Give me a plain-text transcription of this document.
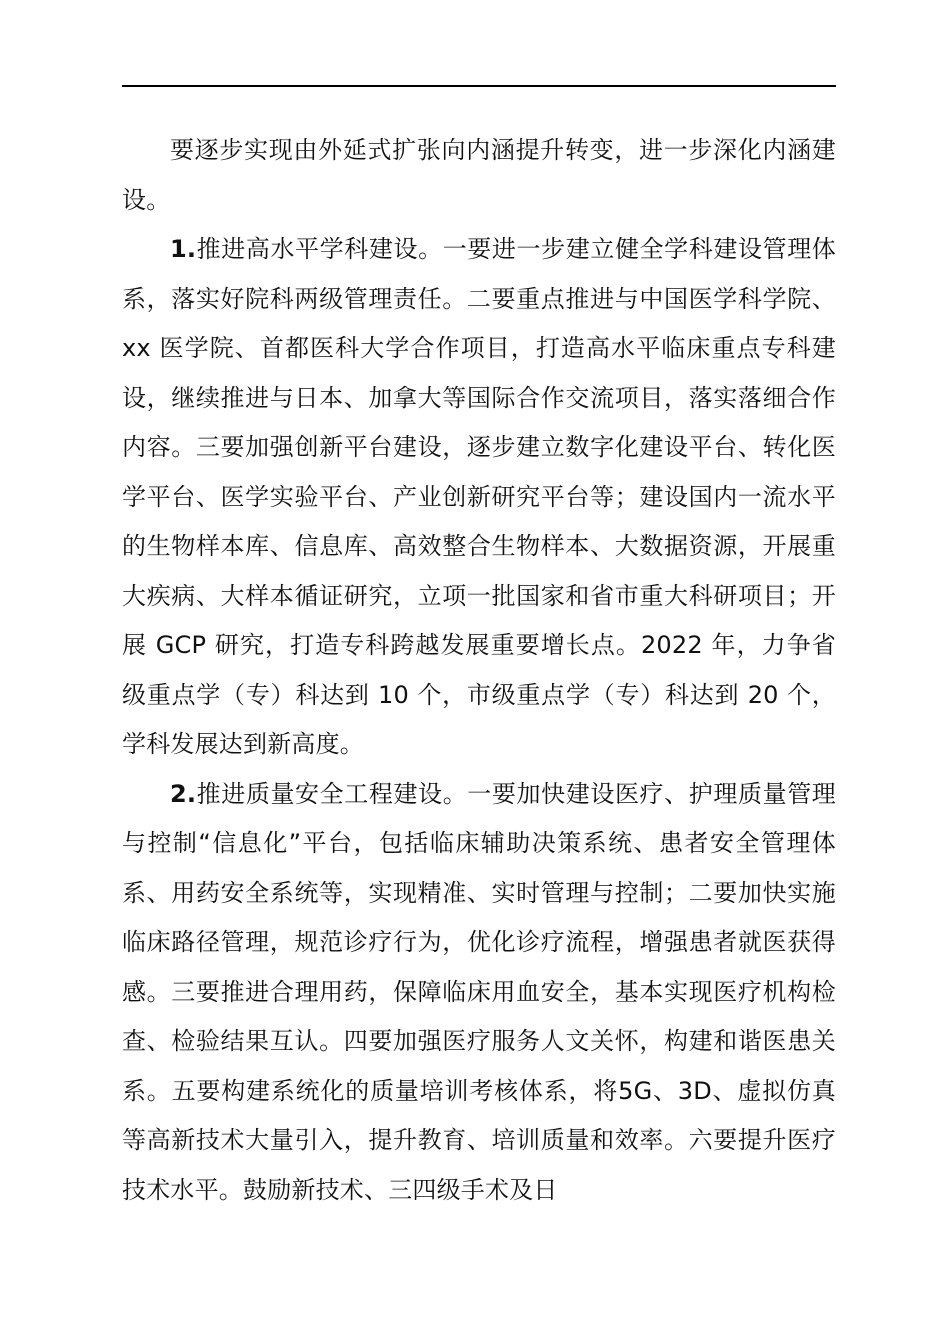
要逐步实现由外延式扩张向内涵提升转变，进一步深化内涵建设。

1.推进高水平学科建设。一要进一步建立健全学科建设管理体系，落实好院科两级管理责任。二要重点推进与中国医学科学院、xx 医学院、首都医科大学合作项目，打造高水平临床重点专科建设，继续推进与日本、加拿大等国际合作交流项目，落实落细合作内容。三要加强创新平台建设，逐步建立数字化建设平台、转化医学平台、医学实验平台、产业创新研究平台等；建设国内一流水平的生物样本库、信息库、高效整合生物样本、大数据资源，开展重大疾病、大样本循证研究，立项一批国家和省市重大科研项目；开展 GCP 研究，打造专科跨越发展重要增长点。2022 年，力争省级重点学（专）科达到 10 个，市级重点学（专）科达到 20 个，学科发展达到新高度。

2.推进质量安全工程建设。一要加快建设医疗、护理质量管理与控制“信息化”平台，包括临床辅助决策系统、患者安全管理体系、用药安全系统等，实现精准、实时管理与控制；二要加快实施临床路径管理，规范诊疗行为，优化诊疗流程，增强患者就医获得感。三要推进合理用药，保障临床用血安全，基本实现医疗机构检查、检验结果互认。四要加强医疗服务人文关怀，构建和谐医患关系。五要构建系统化的质量培训考核体系，将5G、3D、虚拟仿真等高新技术大量引入，提升教育、培训质量和效率。六要提升医疗技术水平。鼓励新技术、三四级手术及日
